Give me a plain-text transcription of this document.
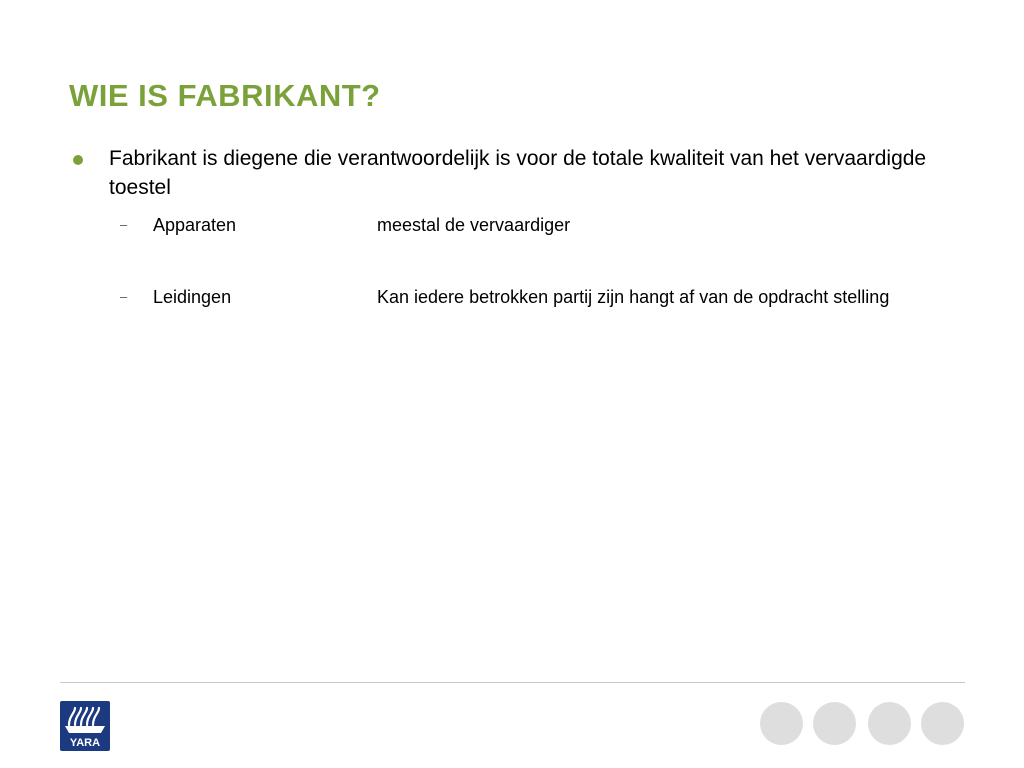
WIE IS FABRIKANT?
Fabrikant is diegene die verantwoordelijk is voor de totale kwaliteit van het vervaardigde toestel
– Apparaten	meestal de vervaardiger
– Leidingen	Kan iedere betrokken partij zijn hangt af van de opdracht stelling
YARA
